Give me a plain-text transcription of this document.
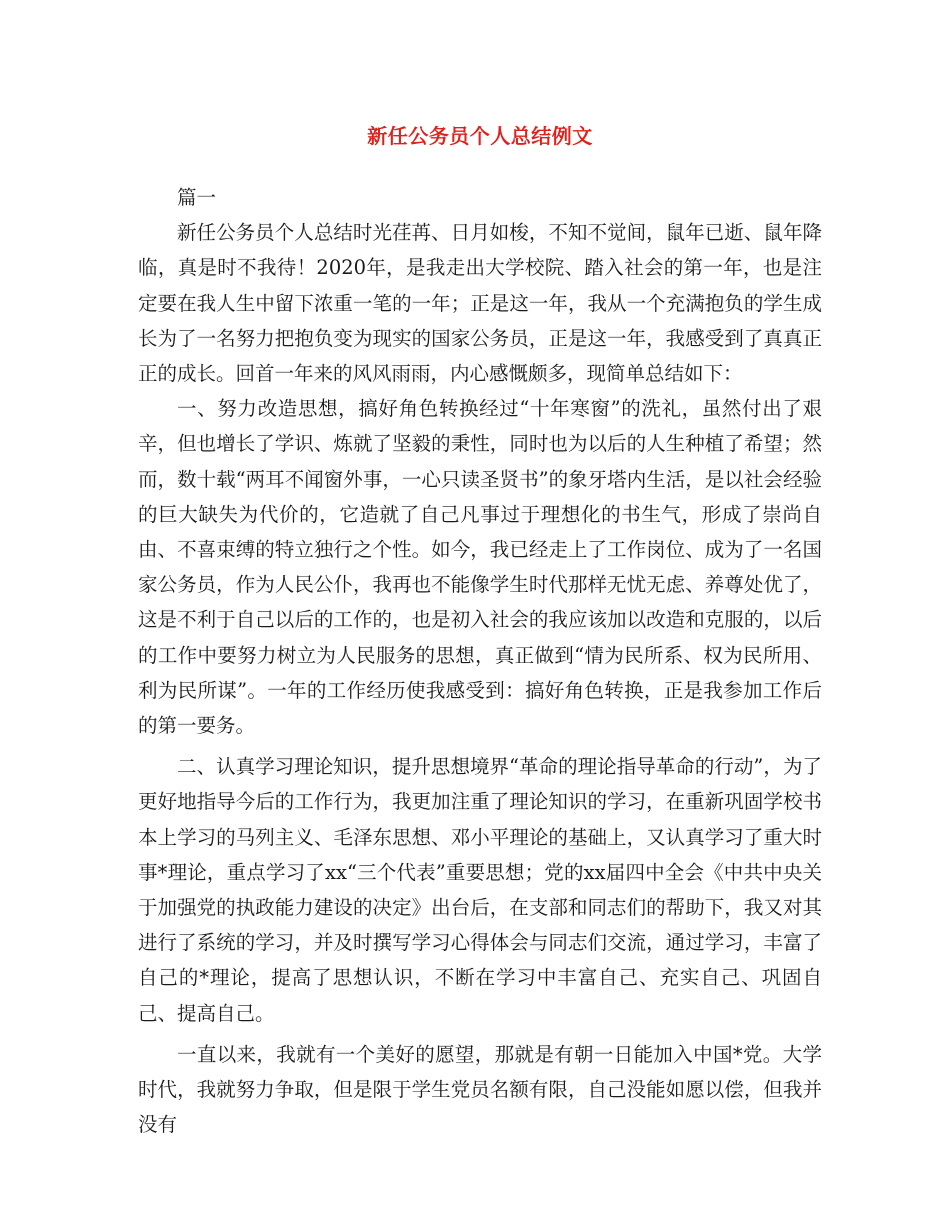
新任公务员个人总结例文

篇一

新任公务员个人总结时光荏苒、日月如梭，不知不觉间，鼠年已逝、鼠年降临，真是时不我待！2020年，是我走出大学校院、踏入社会的第一年，也是注定要在我人生中留下浓重一笔的一年；正是这一年，我从一个充满抱负的学生成长为了一名努力把抱负变为现实的国家公务员，正是这一年，我感受到了真真正正的成长。回首一年来的风风雨雨，内心感慨颇多，现简单总结如下：

一、努力改造思想，搞好角色转换经过“十年寒窗”的洗礼，虽然付出了艰辛，但也增长了学识、炼就了坚毅的秉性，同时也为以后的人生种植了希望；然而，数十载“两耳不闻窗外事，一心只读圣贤书”的象牙塔内生活，是以社会经验的巨大缺失为代价的，它造就了自己凡事过于理想化的书生气，形成了崇尚自由、不喜束缚的特立独行之个性。如今，我已经走上了工作岗位、成为了一名国家公务员，作为人民公仆，我再也不能像学生时代那样无忧无虑、养尊处优了，这是不利于自己以后的工作的，也是初入社会的我应该加以改造和克服的，以后的工作中要努力树立为人民服务的思想，真正做到“情为民所系、权为民所用、利为民所谋”。一年的工作经历使我感受到：搞好角色转换，正是我参加工作后的第一要务。

二、认真学习理论知识，提升思想境界“革命的理论指导革命的行动”，为了更好地指导今后的工作行为，我更加注重了理论知识的学习，在重新巩固学校书本上学习的马列主义、毛泽东思想、邓小平理论的基础上，又认真学习了重大时事*理论，重点学习了xx“三个代表”重要思想；党的xx届四中全会《中共中央关于加强党的执政能力建设的决定》出台后，在支部和同志们的帮助下，我又对其进行了系统的学习，并及时撰写学习心得体会与同志们交流，通过学习，丰富了自己的*理论，提高了思想认识，不断在学习中丰富自己、充实自己、巩固自己、提高自己。

一直以来，我就有一个美好的愿望，那就是有朝一日能加入中国*党。大学时代，我就努力争取，但是限于学生党员名额有限，自己没能如愿以偿，但我并没有
